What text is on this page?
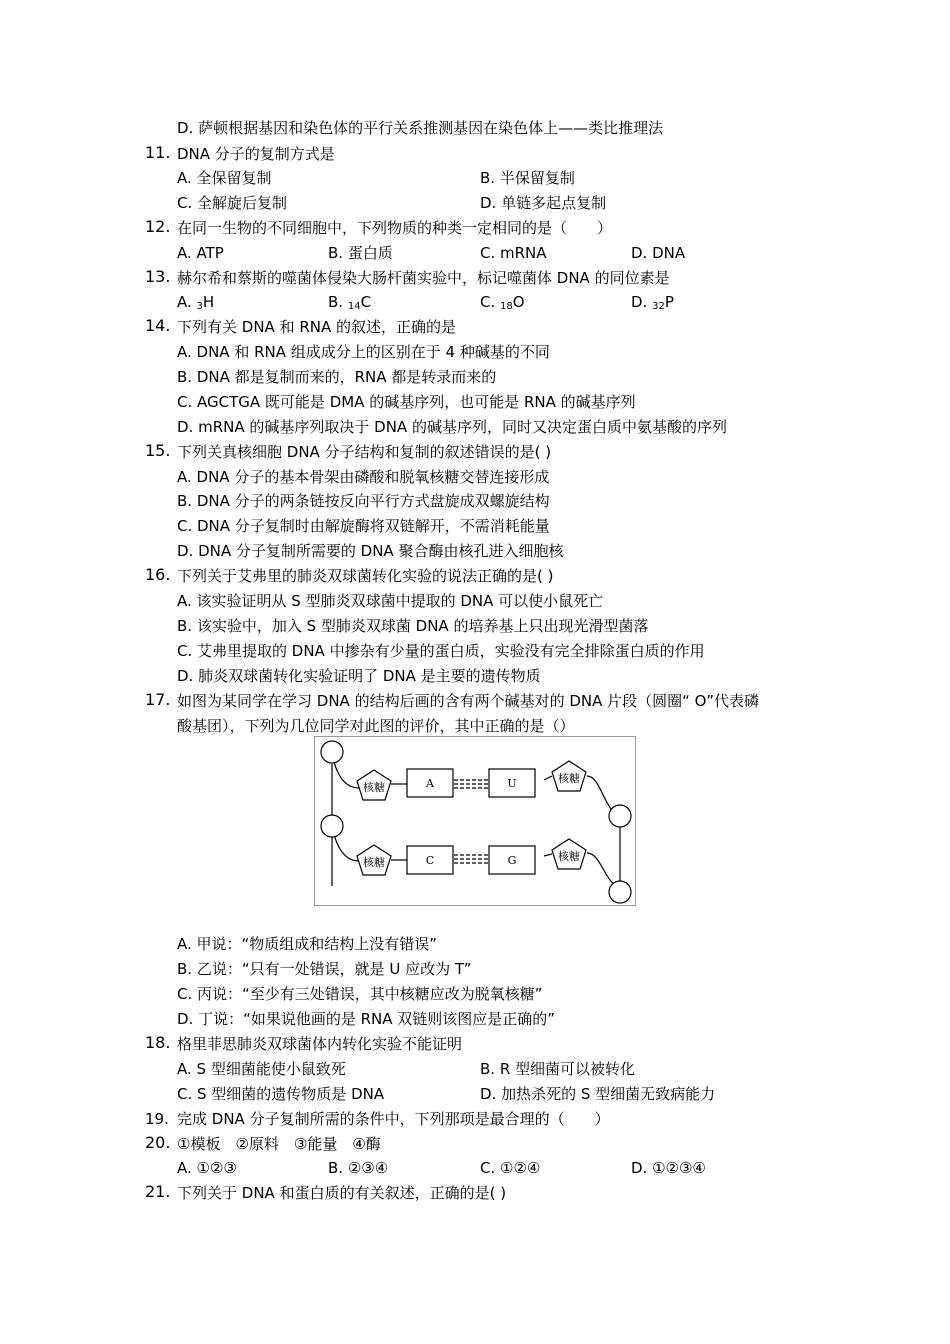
D. 萨顿根据基因和染色体的平行关系推测基因在染色体上——类比推理法
11. DNA 分子的复制方式是
A. 全保留复制	B. 半保留复制
C. 全解旋后复制	D. 单链多起点复制
12. 在同一生物的不同细胞中，下列物质的种类一定相同的是（　　）
A. ATP	B. 蛋白质	C. mRNA	D. DNA
13. 赫尔希和蔡斯的噬菌体侵染大肠杆菌实验中，标记噬菌体 DNA 的同位素是
A. $_3$H	B. $_{14}$C	C. $_{18}$O	D. $_{32}$P
14. 下列有关 DNA 和 RNA 的叙述，正确的是
A. DNA 和 RNA 组成成分上的区别在于 4 种碱基的不同
B. DNA 都是复制而来的，RNA 都是转录而来的
C. AGCTGA 既可能是 DMA 的碱基序列，也可能是 RNA 的碱基序列
D. mRNA 的碱基序列取决于 DNA 的碱基序列，同时又决定蛋白质中氨基酸的序列
15. 下列关真核细胞 DNA 分子结构和复制的叙述错误的是( )
A. DNA 分子的基本骨架由磷酸和脱氧核糖交替连接形成
B. DNA 分子的两条链按反向平行方式盘旋成双螺旋结构
C. DNA 分子复制时由解旋酶将双链解开，不需消耗能量
D. DNA 分子复制所需要的 DNA 聚合酶由核孔进入细胞核
16. 下列关于艾弗里的肺炎双球菌转化实验的说法正确的是( )
A. 该实验证明从 S 型肺炎双球菌中提取的 DNA 可以使小鼠死亡
B. 该实验中，加入 S 型肺炎双球菌 DNA 的培养基上只出现光滑型菌落
C. 艾弗里提取的 DNA 中掺杂有少量的蛋白质，实验没有完全排除蛋白质的作用
D. 肺炎双球菌转化实验证明了 DNA 是主要的遗传物质
17. 如图为某同学在学习 DNA 的结构后画的含有两个碱基对的 DNA 片段（圆圈“ O”代表磷
酸基团），下列为几位同学对此图的评价，其中正确的是（）
核糖
核糖
核糖
核糖
A	U
C	G
A. 甲说：“物质组成和结构上没有错误”
B. 乙说：“只有一处错误，就是 U 应改为 T”
C. 丙说：“至少有三处错误，其中核糖应改为脱氧核糖”
D. 丁说：“如果说他画的是 RNA 双链则该图应是正确的”
18. 格里菲思肺炎双球菌体内转化实验不能证明
A. S 型细菌能使小鼠致死	B. R 型细菌可以被转化
C. S 型细菌的遗传物质是 DNA	D. 加热杀死的 S 型细菌无致病能力
19. 完成 DNA 分子复制所需的条件中，下列那项是最合理的（　　）
20. ①模板　②原料　③能量　④酶
A. ①②③	B. ②③④	C. ①②④	D. ①②③④
21. 下列关于 DNA 和蛋白质的有关叙述，正确的是( )
